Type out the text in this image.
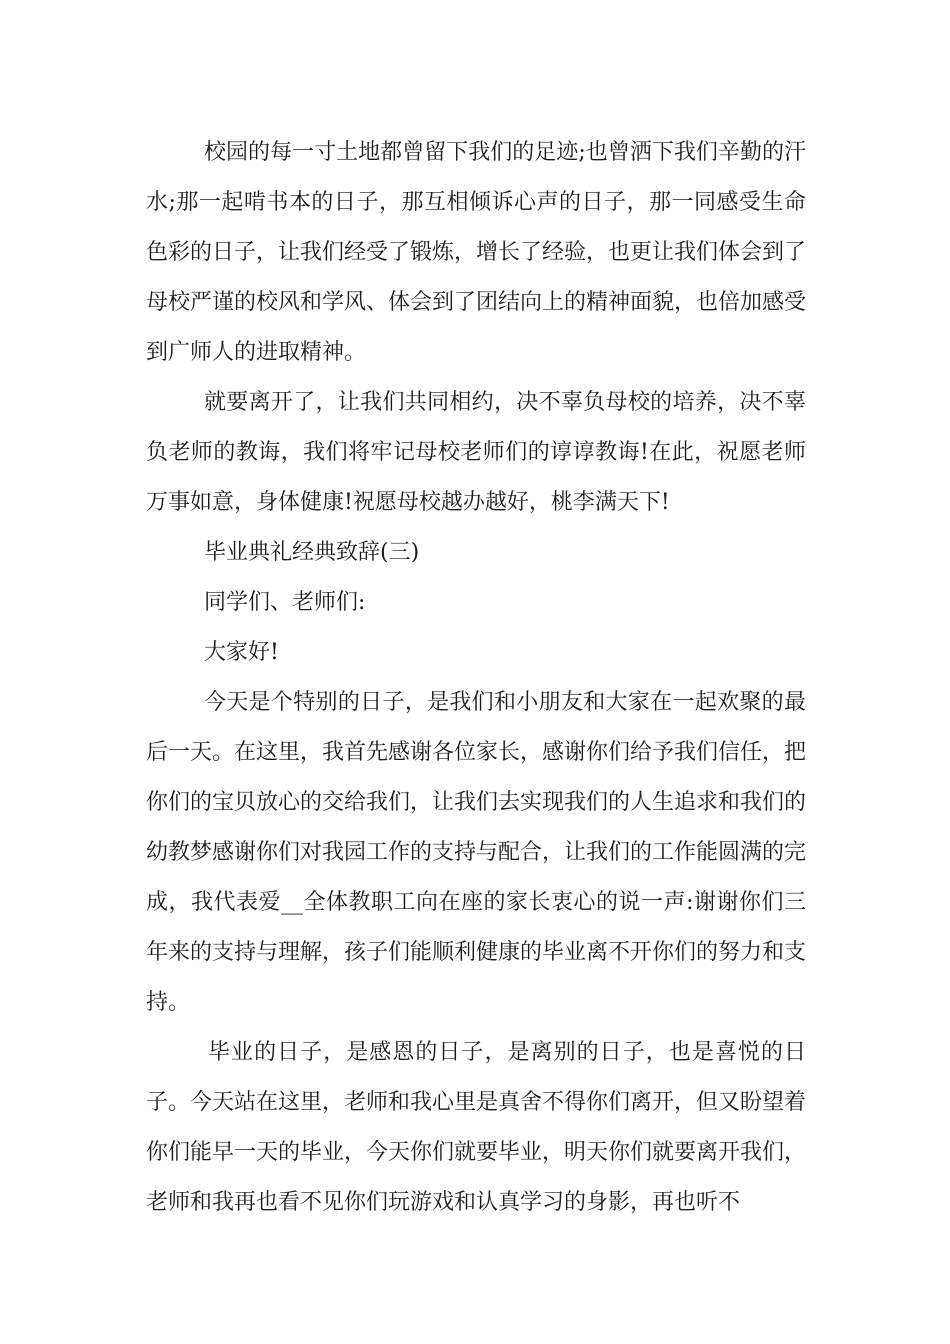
校园的每一寸土地都曾留下我们的足迹;也曾洒下我们辛勤的汗水;那一起啃书本的日子，那互相倾诉心声的日子，那一同感受生命色彩的日子，让我们经受了锻炼，增长了经验，也更让我们体会到了母校严谨的校风和学风、体会到了团结向上的精神面貌，也倍加感受到广师人的进取精神。

就要离开了，让我们共同相约，决不辜负母校的培养，决不辜负老师的教诲，我们将牢记母校老师们的谆谆教诲!在此，祝愿老师万事如意，身体健康!祝愿母校越办越好，桃李满天下!

毕业典礼经典致辞(三)

同学们、老师们:

大家好!

今天是个特别的日子，是我们和小朋友和大家在一起欢聚的最后一天。在这里，我首先感谢各位家长，感谢你们给予我们信任，把你们的宝贝放心的交给我们，让我们去实现我们的人生追求和我们的幼教梦感谢你们对我园工作的支持与配合，让我们的工作能圆满的完成，我代表爱__全体教职工向在座的家长衷心的说一声:谢谢你们三年来的支持与理解，孩子们能顺利健康的毕业离不开你们的努力和支持。

毕业的日子，是感恩的日子，是离别的日子，也是喜悦的日子。今天站在这里，老师和我心里是真舍不得你们离开，但又盼望着你们能早一天的毕业，今天你们就要毕业，明天你们就要离开我们，老师和我再也看不见你们玩游戏和认真学习的身影，再也听不
